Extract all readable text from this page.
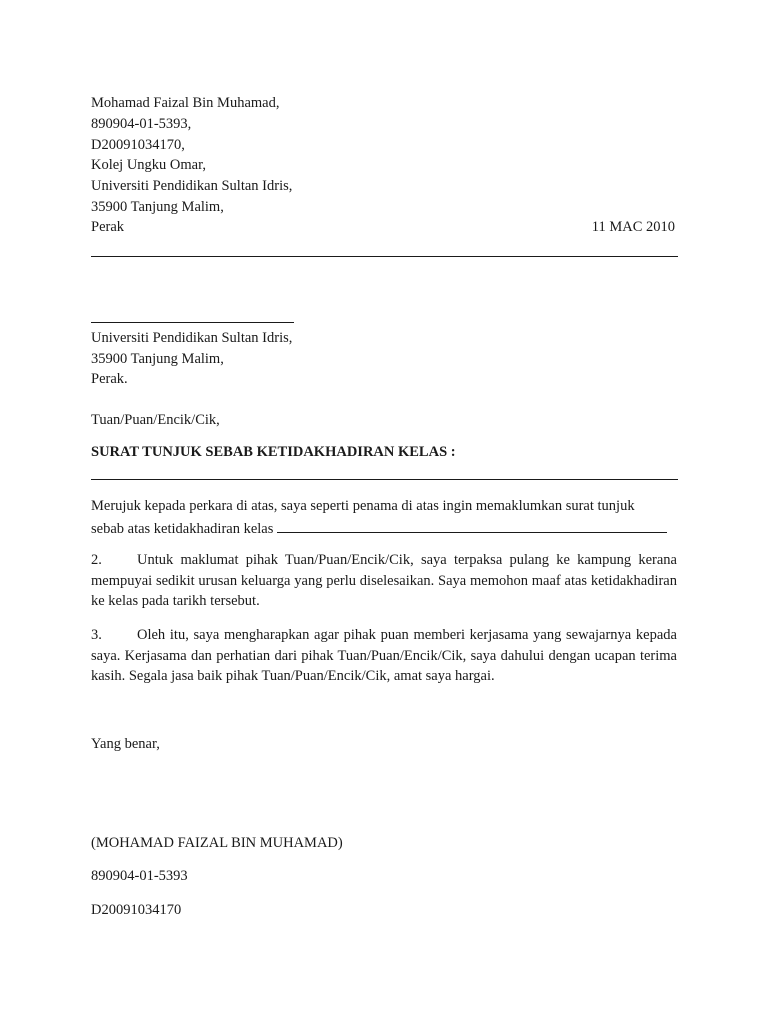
Mohamad Faizal Bin Muhamad,
890904-01-5393,
D20091034170,
Kolej Ungku Omar,
Universiti Pendidikan Sultan Idris,
35900 Tanjung Malim,
Perak	11 MAC 2010
Universiti Pendidikan Sultan Idris,
35900 Tanjung Malim,
Perak.
Tuan/Puan/Encik/Cik,
SURAT TUNJUK SEBAB KETIDAKHADIRAN KELAS :
Merujuk kepada perkara di atas, saya seperti penama di atas ingin memaklumkan surat tunjuk
sebab atas ketidakhadiran kelas
2. Untuk maklumat pihak Tuan/Puan/Encik/Cik, saya terpaksa pulang ke kampung kerana mempuyai sedikit urusan keluarga yang perlu diselesaikan. Saya memohon maaf atas ketidakhadiran ke kelas pada tarikh tersebut.
3. Oleh itu, saya mengharapkan agar pihak puan memberi kerjasama yang sewajarnya kepada saya. Kerjasama dan perhatian dari pihak Tuan/Puan/Encik/Cik, saya dahului dengan ucapan terima kasih. Segala jasa baik pihak Tuan/Puan/Encik/Cik, amat saya hargai.
Yang benar,
(MOHAMAD FAIZAL BIN MUHAMAD)
890904-01-5393
D20091034170
